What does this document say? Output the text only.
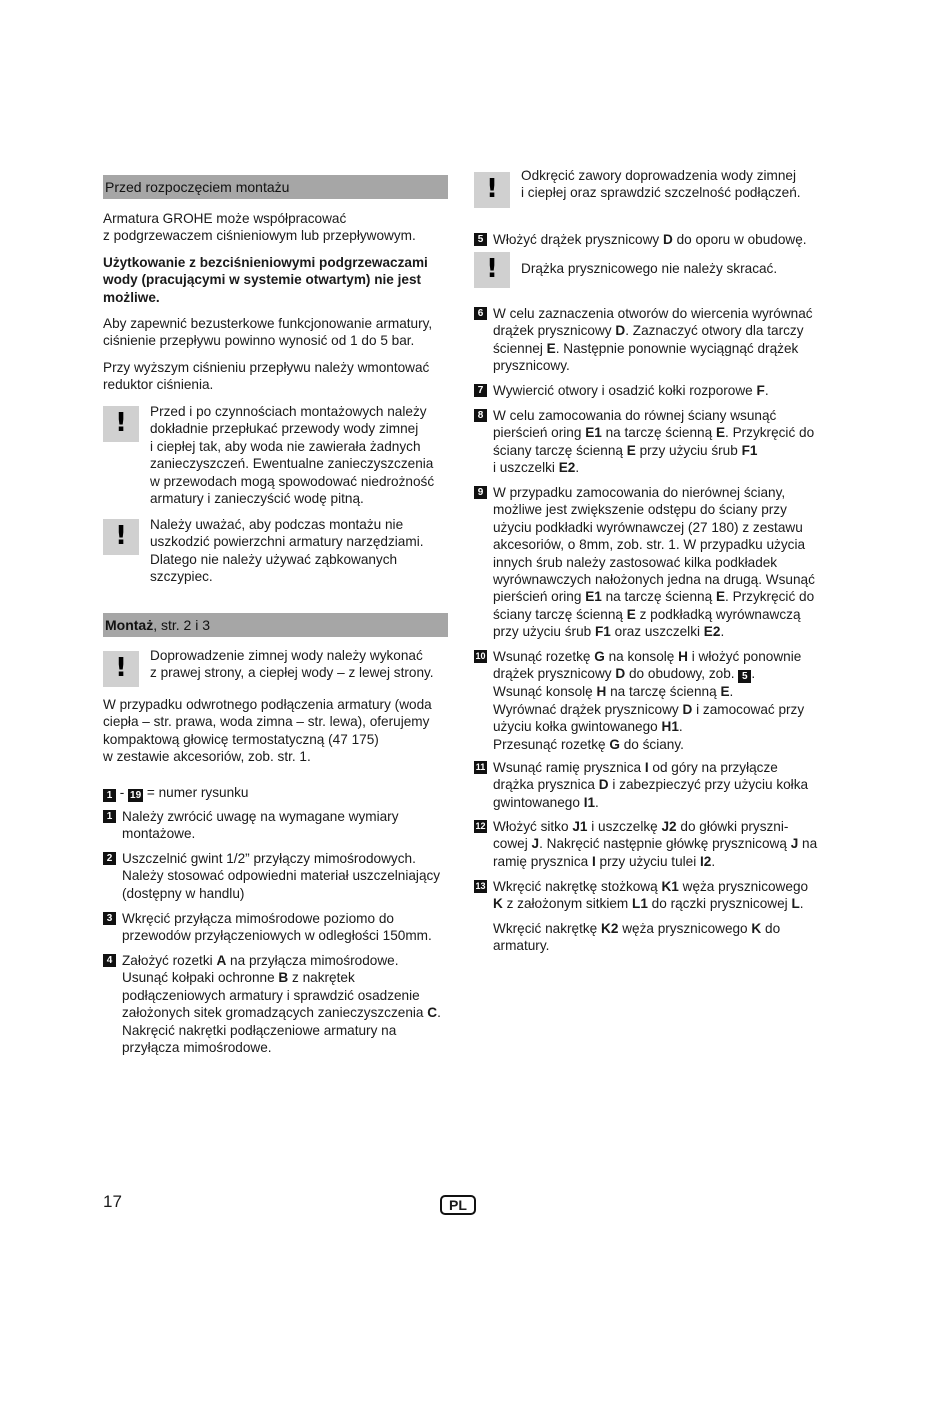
Przed rozpoczęciem montażu

Armatura GROHE może współpracować
z podgrzewaczem ciśnieniowym lub przepływowym.

Użytkowanie z bezciśnieniowymi podgrzewaczami
wody (pracującymi w systemie otwartym) nie jest
możliwe.

Aby zapewnić bezusterkowe funkcjonowanie armatury,
ciśnienie przepływu powinno wynosić od 1 do 5 bar.

Przy wyższym ciśnieniu przepływu należy wmontować
reduktor ciśnienia.

!	Przed i po czynnościach montażowych należy
dokładnie przepłukać przewody wody zimnej
i ciepłej tak, aby woda nie zawierała żadnych
zanieczyszczeń. Ewentualne zanieczyszczenia
w przewodach mogą spowodować niedrożność
armatury i zanieczyścić wodę pitną.
!	Należy uważać, aby podczas montażu nie
uszkodzić powierzchni armatury narzędziami.
Dlatego nie należy używać ząbkowanych
szczypiec.
Montaż, str. 2 i 3
!	Doprowadzenie zimnej wody należy wykonać
z prawej strony, a ciepłej wody – z lewej strony.

W przypadku odwrotnego podłączenia armatury (woda
ciepła – str. prawa, woda zimna – str. lewa), oferujemy
kompaktową głowicę termostatyczną (47 175)
w zestawie akcesoriów, zob. str. 1.

1 - 19 = numer rysunku

1 Należy zwrócić uwagę na wymagane wymiary
montażowe.
2 Uszczelnić gwint 1/2” przyłączy mimośrodowych.
Należy stosować odpowiedni materiał uszczelniający
(dostępny w handlu)
3 Wkręcić przyłącza mimośrodowe poziomo do
przewodów przyłączeniowych w odległości 150mm.
4 Założyć rozetki A na przyłącza mimośrodowe.
Usunąć kołpaki ochronne B z nakrętek
podłączeniowych armatury i sprawdzić osadzenie
założonych sitek gromadzących zanieczyszczenia C.
Nakręcić nakrętki podłączeniowe armatury na
przyłącza mimośrodowe.
!	Odkręcić zawory doprowadzenia wody zimnej
i ciepłej oraz sprawdzić szczelność podłączeń.
5 Włożyć drążek prysznicowy D do oporu w obudowę.
!	Drążka prysznicowego nie należy skracać.
6 W celu zaznaczenia otworów do wiercenia wyrównać
drążek prysznicowy D. Zaznaczyć otwory dla tarczy
ściennej E. Następnie ponownie wyciągnąć drążek
prysznicowy.
7 Wywiercić otwory i osadzić kołki rozporowe F.
8 W celu zamocowania do równej ściany wsunąć
pierścień oring E1 na tarczę ścienną E. Przykręcić do
ściany tarczę ścienną E przy użyciu śrub F1
i uszczelki E2.
9 W przypadku zamocowania do nierównej ściany,
możliwe jest zwiększenie odstępu do ściany przy
użyciu podkładki wyrównawczej (27 180) z zestawu
akcesoriów, o 8mm, zob. str. 1. W przypadku użycia
innych śrub należy zastosować kilka podkładek
wyrównawczych nałożonych jedna na drugą. Wsunąć
pierścień oring E1 na tarczę ścienną E. Przykręcić do
ściany tarczę ścienną E z podkładką wyrównawczą
przy użyciu śrub F1 oraz uszczelki E2.
10 Wsunąć rozetkę G na konsolę H i włożyć ponownie
drążek prysznicowy D do obudowy, zob. 5 .
Wsunąć konsolę H na tarczę ścienną E.
Wyrównać drążek prysznicowy D i zamocować przy
użyciu kołka gwintowanego H1.
Przesunąć rozetkę G do ściany.
11 Wsunąć ramię prysznica I od góry na przyłącze
drążka prysznica D i zabezpieczyć przy użyciu kołka
gwintowanego I1.
12 Włożyć sitko J1 i uszczelkę J2 do główki pryszni-
cowej J. Nakręcić następnie główkę prysznicową J na
ramię prysznica I przy użyciu tulei I2.
13 Wkręcić nakrętkę stożkową K1 węża prysznicowego
K z założonym sitkiem L1 do rączki prysznicowej L.

Wkręcić nakrętkę K2 węża prysznicowego K do
armatury.

17	PL
